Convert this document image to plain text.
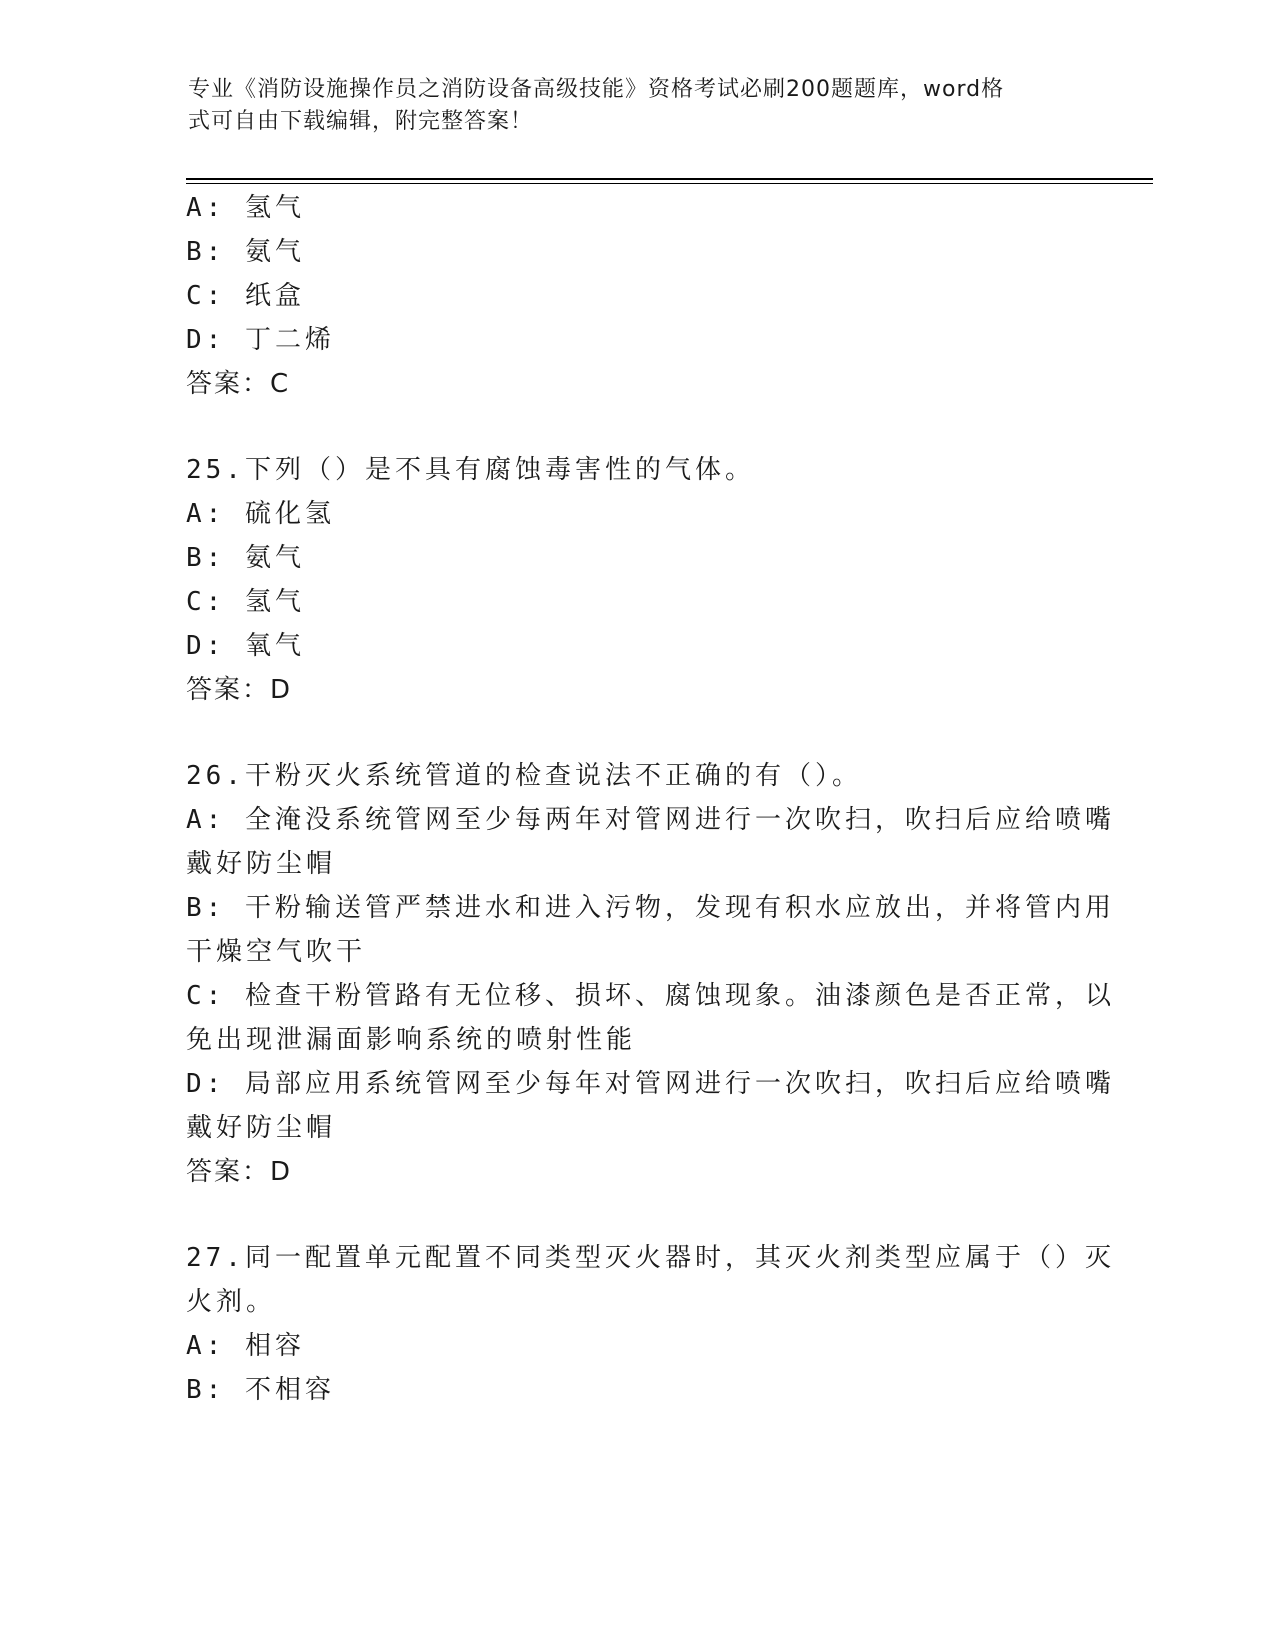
专业《消防设施操作员之消防设备高级技能》资格考试必刷200题题库，word格
式可自由下载编辑，附完整答案！
A: 氢气
B: 氨气
C: 纸盒
D: 丁二烯
答案：C
25.下列（）是不具有腐蚀毒害性的气体。
A: 硫化氢
B: 氨气
C: 氢气
D: 氧气
答案：D
26.干粉灭火系统管道的检查说法不正确的有（）。
A: 全淹没系统管网至少每两年对管网进行一次吹扫，吹扫后应给喷嘴
戴好防尘帽
B: 干粉输送管严禁进水和进入污物，发现有积水应放出，并将管内用
干燥空气吹干
C: 检查干粉管路有无位移、损坏、腐蚀现象。油漆颜色是否正常，以
免出现泄漏面影响系统的喷射性能
D: 局部应用系统管网至少每年对管网进行一次吹扫，吹扫后应给喷嘴
戴好防尘帽
答案：D
27.同一配置单元配置不同类型灭火器时，其灭火剂类型应属于（）灭
火剂。
A: 相容
B: 不相容
